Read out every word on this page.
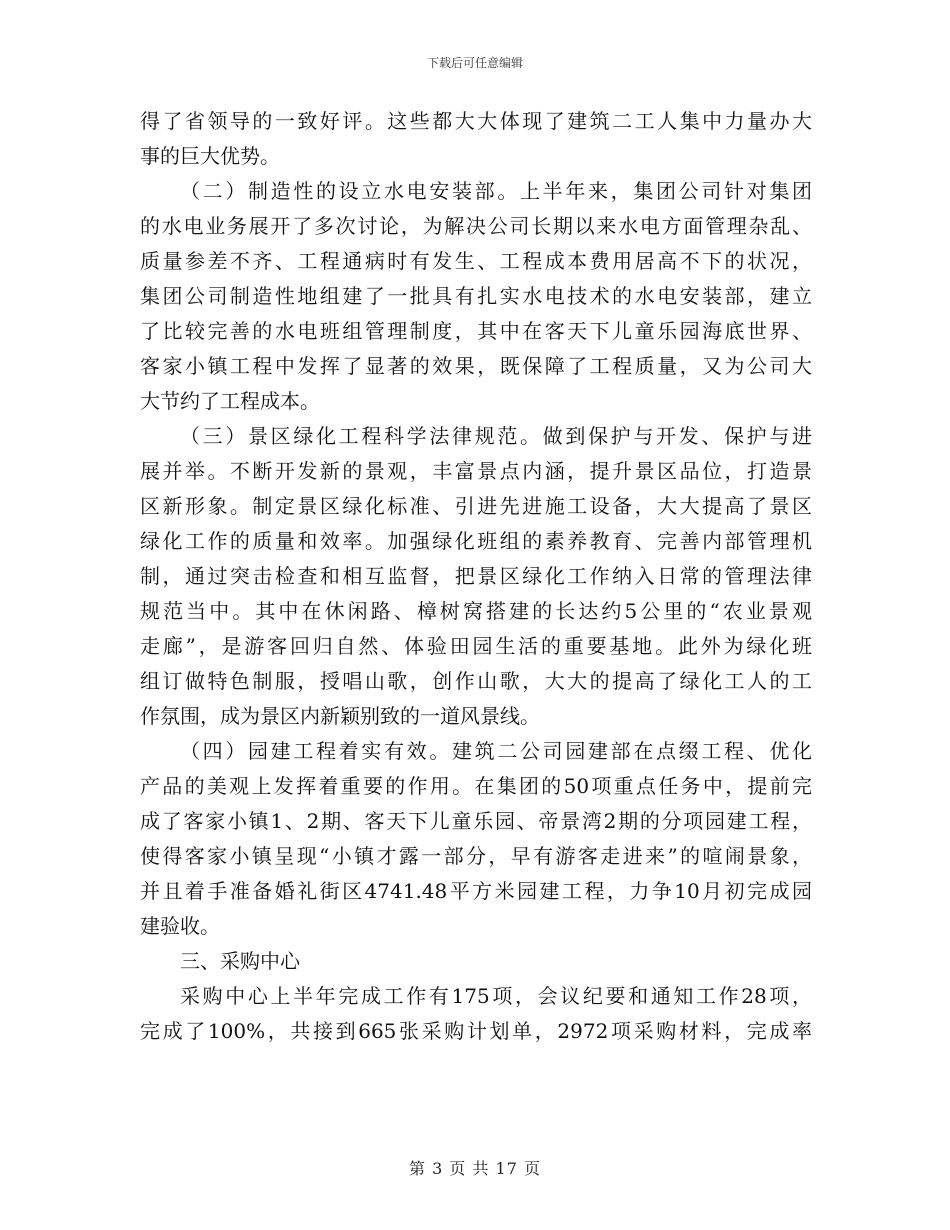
下载后可任意编辑
得了省领导的一致好评。这些都大大体现了建筑二工人集中力量办大
事的巨大优势。
（二）制造性的设立水电安装部。上半年来，集团公司针对集团
的水电业务展开了多次讨论，为解决公司长期以来水电方面管理杂乱、
质量参差不齐、工程通病时有发生、工程成本费用居高不下的状况，
集团公司制造性地组建了一批具有扎实水电技术的水电安装部，建立
了比较完善的水电班组管理制度，其中在客天下儿童乐园海底世界、
客家小镇工程中发挥了显著的效果，既保障了工程质量，又为公司大
大节约了工程成本。
（三）景区绿化工程科学法律规范。做到保护与开发、保护与进
展并举。不断开发新的景观，丰富景点内涵，提升景区品位，打造景
区新形象。制定景区绿化标准、引进先进施工设备，大大提高了景区
绿化工作的质量和效率。加强绿化班组的素养教育、完善内部管理机
制，通过突击检查和相互监督，把景区绿化工作纳入日常的管理法律
规范当中。其中在休闲路、樟树窝搭建的长达约5公里的“农业景观
走廊”，是游客回归自然、体验田园生活的重要基地。此外为绿化班
组订做特色制服，授唱山歌，创作山歌，大大的提高了绿化工人的工
作氛围，成为景区内新颖别致的一道风景线。
（四）园建工程着实有效。建筑二公司园建部在点缀工程、优化
产品的美观上发挥着重要的作用。在集团的50项重点任务中，提前完
成了客家小镇1、2期、客天下儿童乐园、帝景湾2期的分项园建工程，
使得客家小镇呈现“小镇才露一部分，早有游客走进来”的喧闹景象，
并且着手准备婚礼街区4741.48平方米园建工程，力争10月初完成园
建验收。
三、采购中心
采购中心上半年完成工作有175项，会议纪要和通知工作28项，
完成了100%，共接到665张采购计划单，2972项采购材料，完成率
第 3 页 共 17 页
